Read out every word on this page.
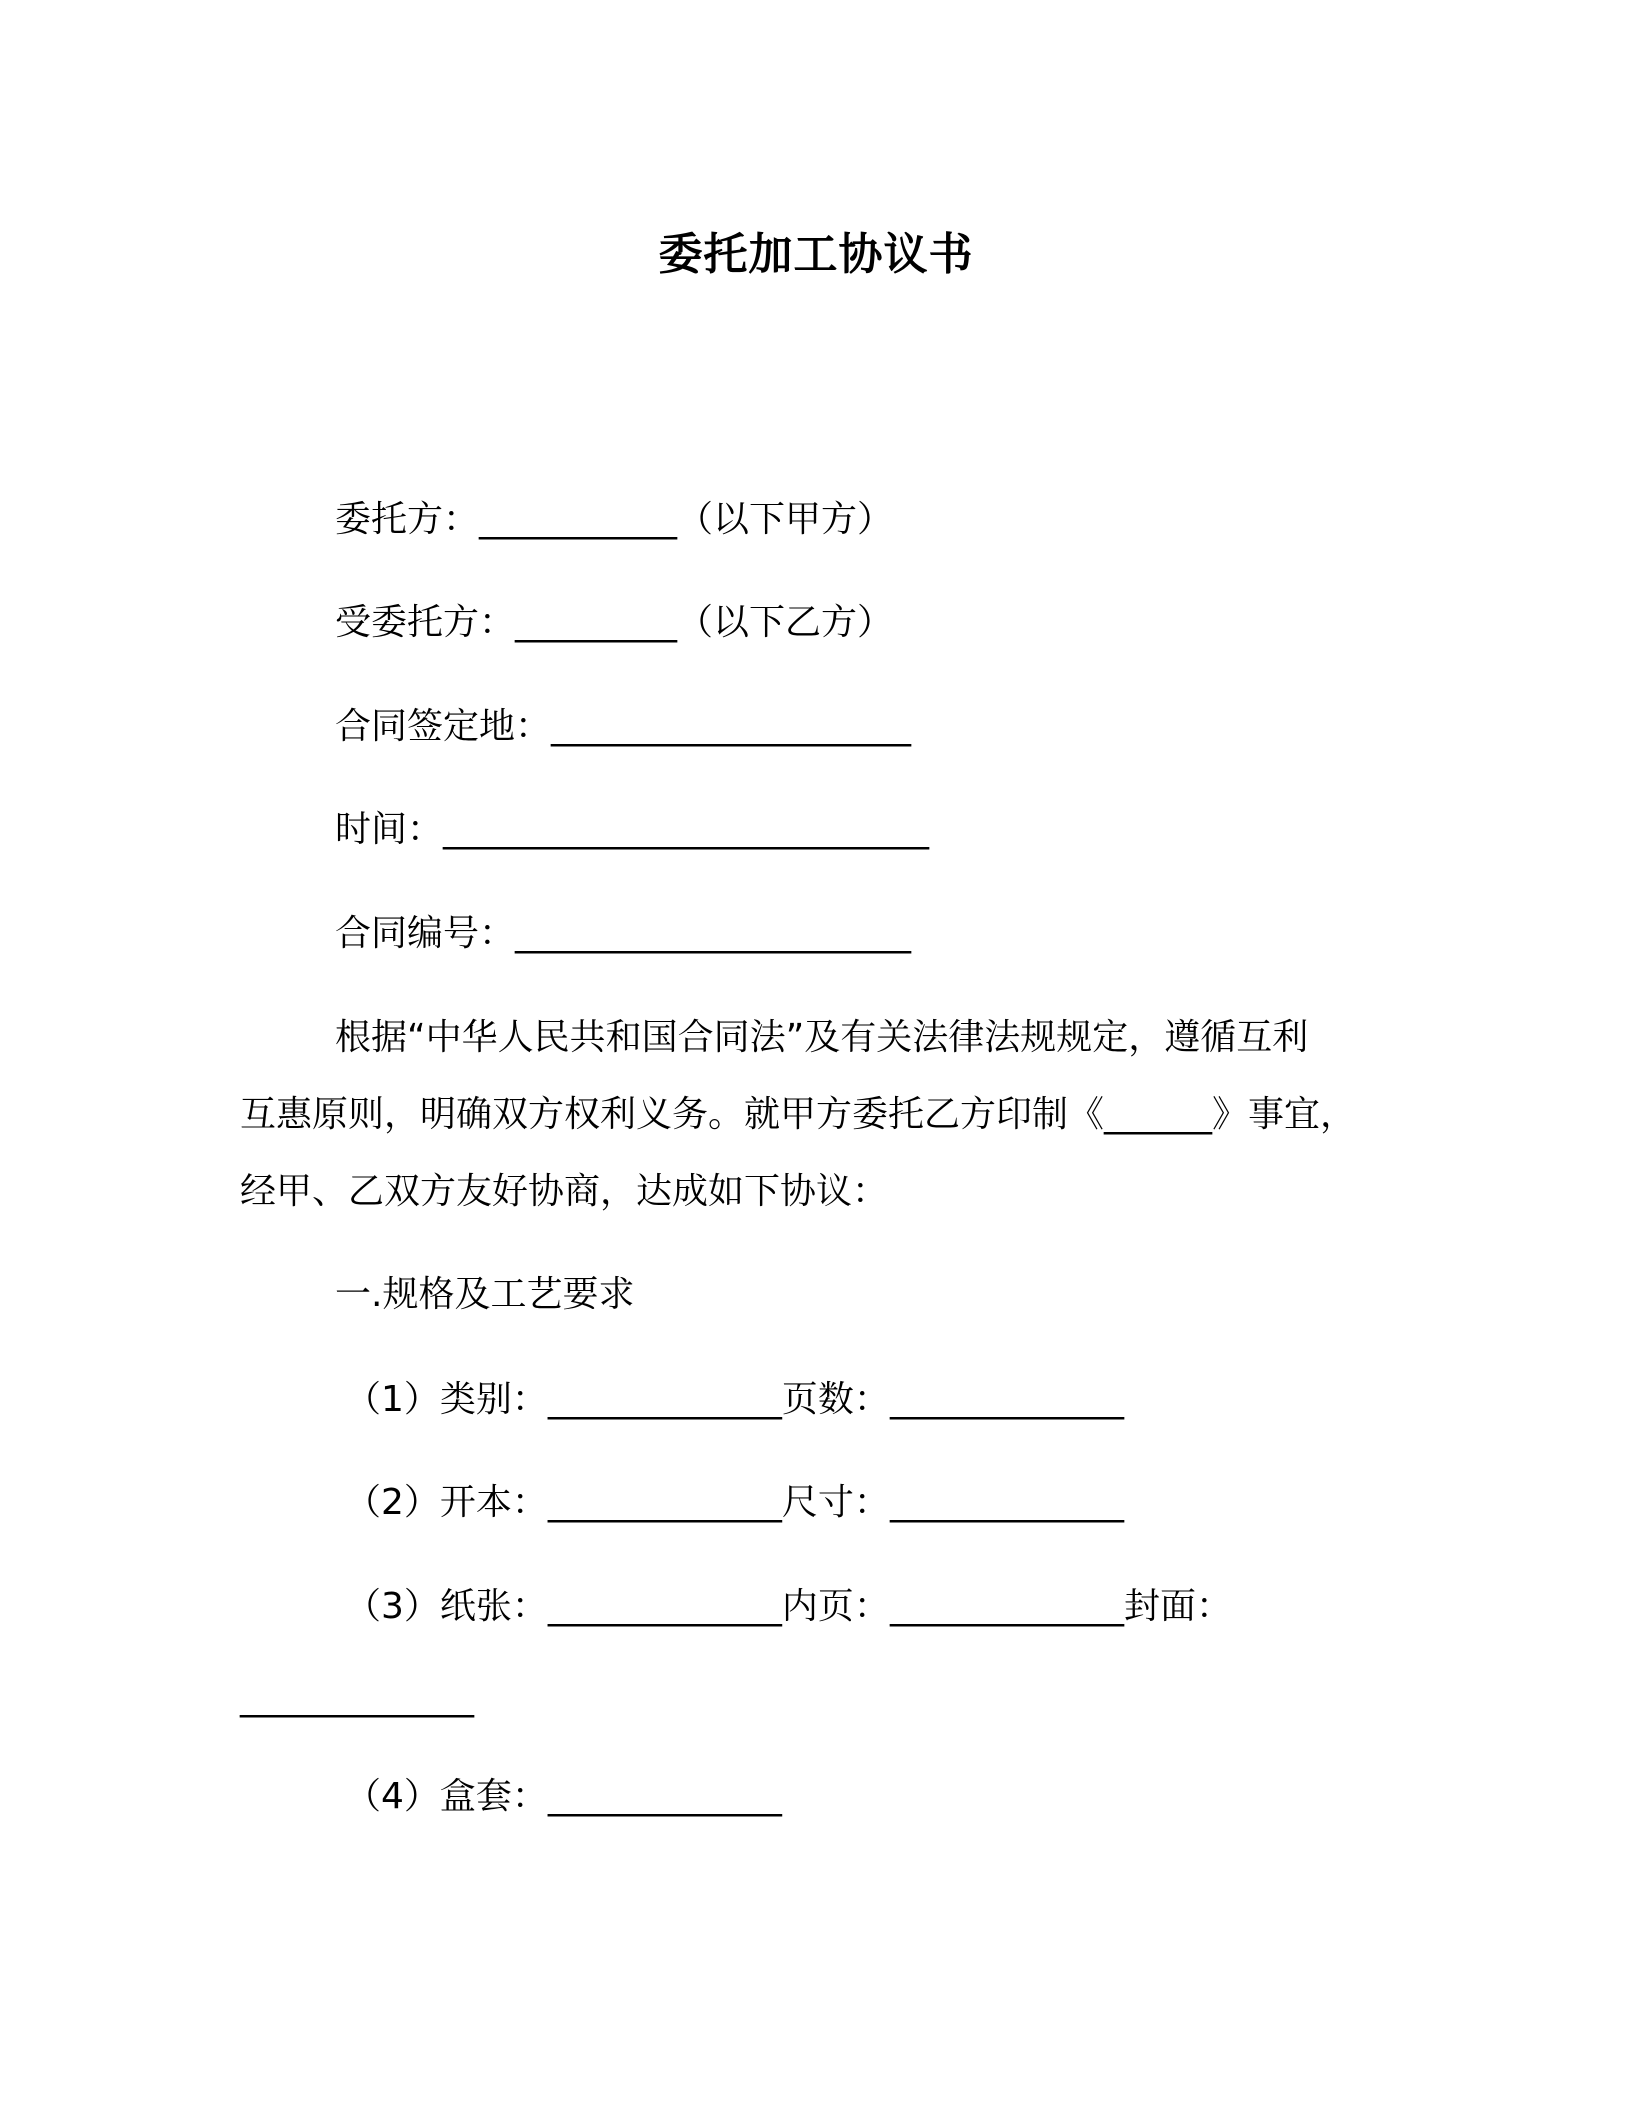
委托加工协议书
委托方：___________（以下甲方）
受委托方：_________（以下乙方）
合同签定地：____________________
时间：___________________________
合同编号：______________________
根据“中华人民共和国合同法”及有关法律法规规定，遵循互利
互惠原则，明确双方权利义务。就甲方委托乙方印制《______》事宜，
经甲、乙双方友好协商，达成如下协议：
一.规格及工艺要求
（1）类别：_____________页数：_____________
（2）开本：_____________尺寸：_____________
（3）纸张：_____________内页：_____________封面：
_____________
（4）盒套：_____________
